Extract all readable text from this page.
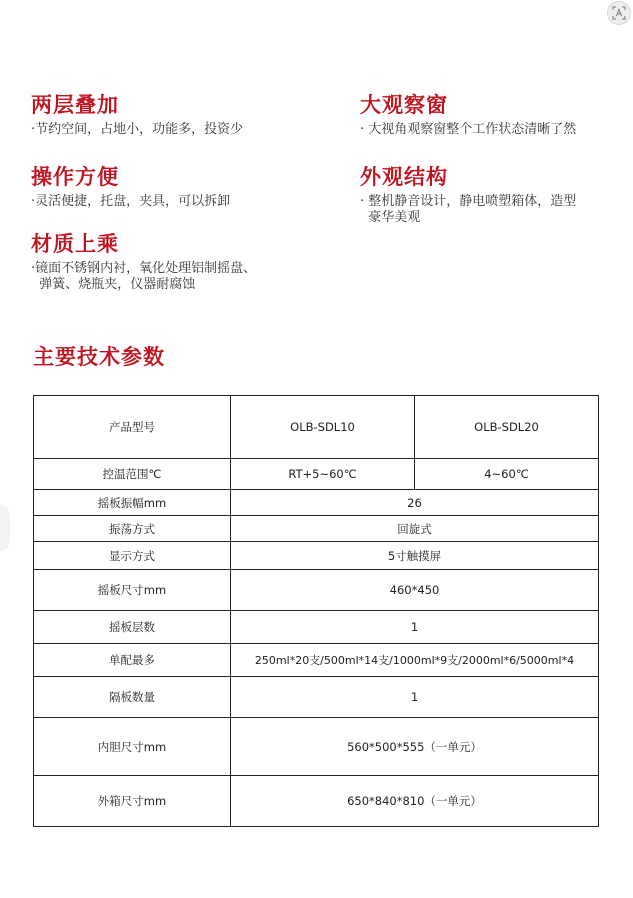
两层叠加

·节约空间，占地小，功能多，投资少

大观察窗

· 大视角观察窗整个工作状态清晰了然

操作方便

·灵活便捷，托盘，夹具，可以拆卸

外观结构

· 整机静音设计，静电喷塑箱体，造型
豪华美观

材质上乘

·镜面不锈钢内衬，氧化处理铝制摇盘、
弹簧、烧瓶夹，仪器耐腐蚀

主要技术参数
产品型号	OLB-SDL10	OLB-SDL20
控温范围℃	RT+5~60℃	4~60℃
摇板振幅mm	26	
振荡方式	回旋式	
显示方式	5寸触摸屏	
摇板尺寸mm	460*450	
摇板层数	1	
单配最多	250ml*20支/500ml*14支/1000ml*9支/2000ml*6/5000ml*4	
隔板数量	1	
内胆尺寸mm	560*500*555（一单元）	
外箱尺寸mm	650*840*810（一单元）	
